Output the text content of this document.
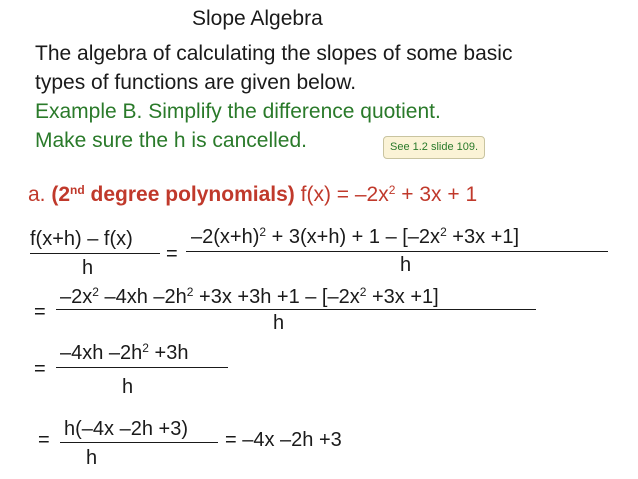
Slope Algebra
The algebra of calculating the slopes of some basic
types of functions are given below.
Example B. Simplify the difference quotient.
Make sure the h is cancelled.	See 1.2 slide 109.
a. (2nd degree polynomials) $f(x) = -2x^2 + 3x + 1$
f(x+h) – f(x)
h
=
$-2(x+h)^2 + 3(x+h) + 1 - [-2x^2 +3x +1]$
h
=
$-2x^2$ –4xh $-2h^2 +3x +3h +1 - [-2x^2 +3x +1]$
h
=
–4xh $-2h^2 +3h$
h
= h(–4x –2h +3)
h
= –4x –2h +3
